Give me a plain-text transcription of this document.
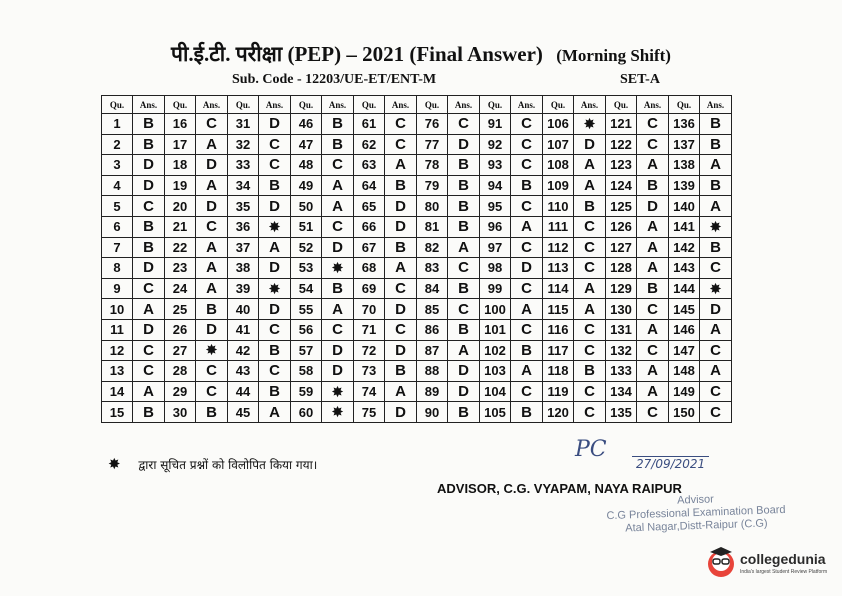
पी.ई.टी. परीक्षा (PEP) – 2021 (Final Answer) (Morning Shift)
Sub. Code - 12203/UE-ET/ENT-M	SET-A
Qu.	Ans.	Qu.	Ans.	Qu.	Ans.	Qu.	Ans.	Qu.	Ans.	Qu.	Ans.	Qu.	Ans.	Qu.	Ans.	Qu.	Ans.	Qu.	Ans.
1	B	16	C	31	D	46	B	61	C	76	C	91	C	106	✸	121	C	136	B
2	B	17	A	32	C	47	B	62	C	77	D	92	C	107	D	122	C	137	B
3	D	18	D	33	C	48	C	63	A	78	B	93	C	108	A	123	A	138	A
4	D	19	A	34	B	49	A	64	B	79	B	94	B	109	A	124	B	139	B
5	C	20	D	35	D	50	A	65	D	80	B	95	C	110	B	125	D	140	A
6	B	21	C	36	✸	51	C	66	D	81	B	96	A	111	C	126	A	141	✸
7	B	22	A	37	A	52	D	67	B	82	A	97	C	112	C	127	A	142	B
8	D	23	A	38	D	53	✸	68	A	83	C	98	D	113	C	128	A	143	C
9	C	24	A	39	✸	54	B	69	C	84	B	99	C	114	A	129	B	144	✸
10	A	25	B	40	D	55	A	70	D	85	C	100	A	115	A	130	C	145	D
11	D	26	D	41	C	56	C	71	C	86	B	101	C	116	C	131	A	146	A
12	C	27	✸	42	B	57	D	72	D	87	A	102	B	117	C	132	C	147	C
13	C	28	C	43	C	58	D	73	B	88	D	103	A	118	B	133	A	148	A
14	A	29	C	44	B	59	✸	74	A	89	D	104	C	119	C	134	A	149	C
15	B	30	B	45	A	60	✸	75	D	90	B	105	B	120	C	135	C	150	C
✸ द्वारा सूचित प्रश्नों को विलोपित किया गया।
PC
27/09/2021
ADVISOR, C.G. VYAPAM, NAYA RAIPUR
Advisor
C.G Professional Examination Board
Atal Nagar,Distt-Raipur (C.G)
collegedunia
India's largest Student Review Platform
